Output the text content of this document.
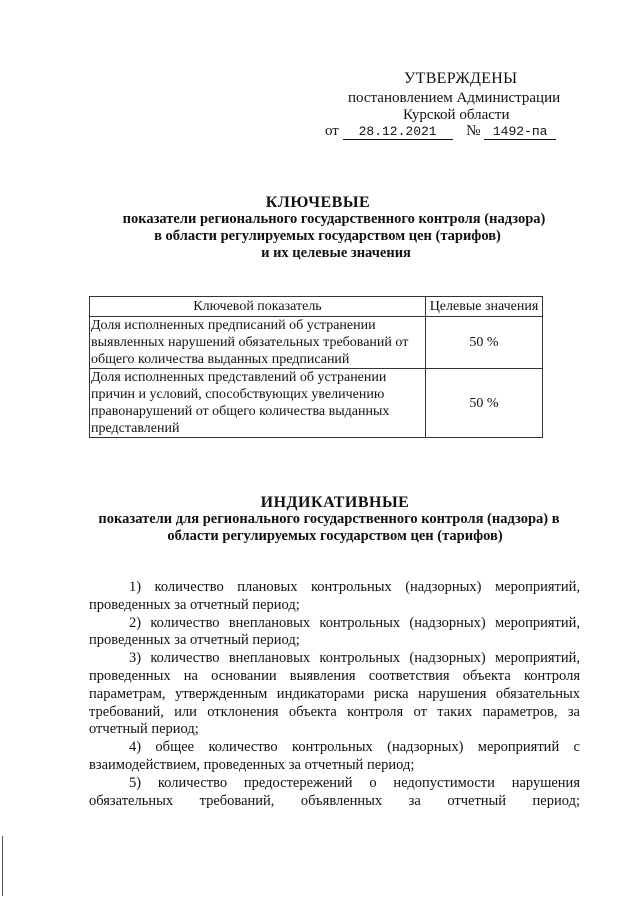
УТВЕРЖДЕНЫ
постановлением Администрации
Курской области
от 28.12.2021 № 1492-па
КЛЮЧЕВЫЕ
показатели регионального государственного контроля (надзора)
в области регулируемых государством цен (тарифов)
и их целевые значения
Ключевой показатель	Целевые значения
Доля исполненных предписаний об устранении выявленных нарушений обязательных требований от общего количества выданных предписаний	50 %
Доля исполненных представлений об устранении причин и условий, способствующих увеличению правонарушений от общего количества выданных представлений	50 %
ИНДИКАТИВНЫЕ
показатели для регионального государственного контроля (надзора) в
области регулируемых государством цен (тарифов)

1) количество плановых контрольных (надзорных) мероприятий, проведенных за отчетный период;

2) количество внеплановых контрольных (надзорных) мероприятий, проведенных за отчетный период;

3) количество внеплановых контрольных (надзорных) мероприятий, проведенных на основании выявления соответствия объекта контроля параметрам, утвержденным индикаторами риска нарушения обязательных требований, или отклонения объекта контроля от таких параметров, за отчетный период;

4) общее количество контрольных (надзорных) мероприятий с взаимодействием, проведенных за отчетный период;

5) количество предостережений о недопустимости нарушения обязательных требований, объявленных за отчетный период;
